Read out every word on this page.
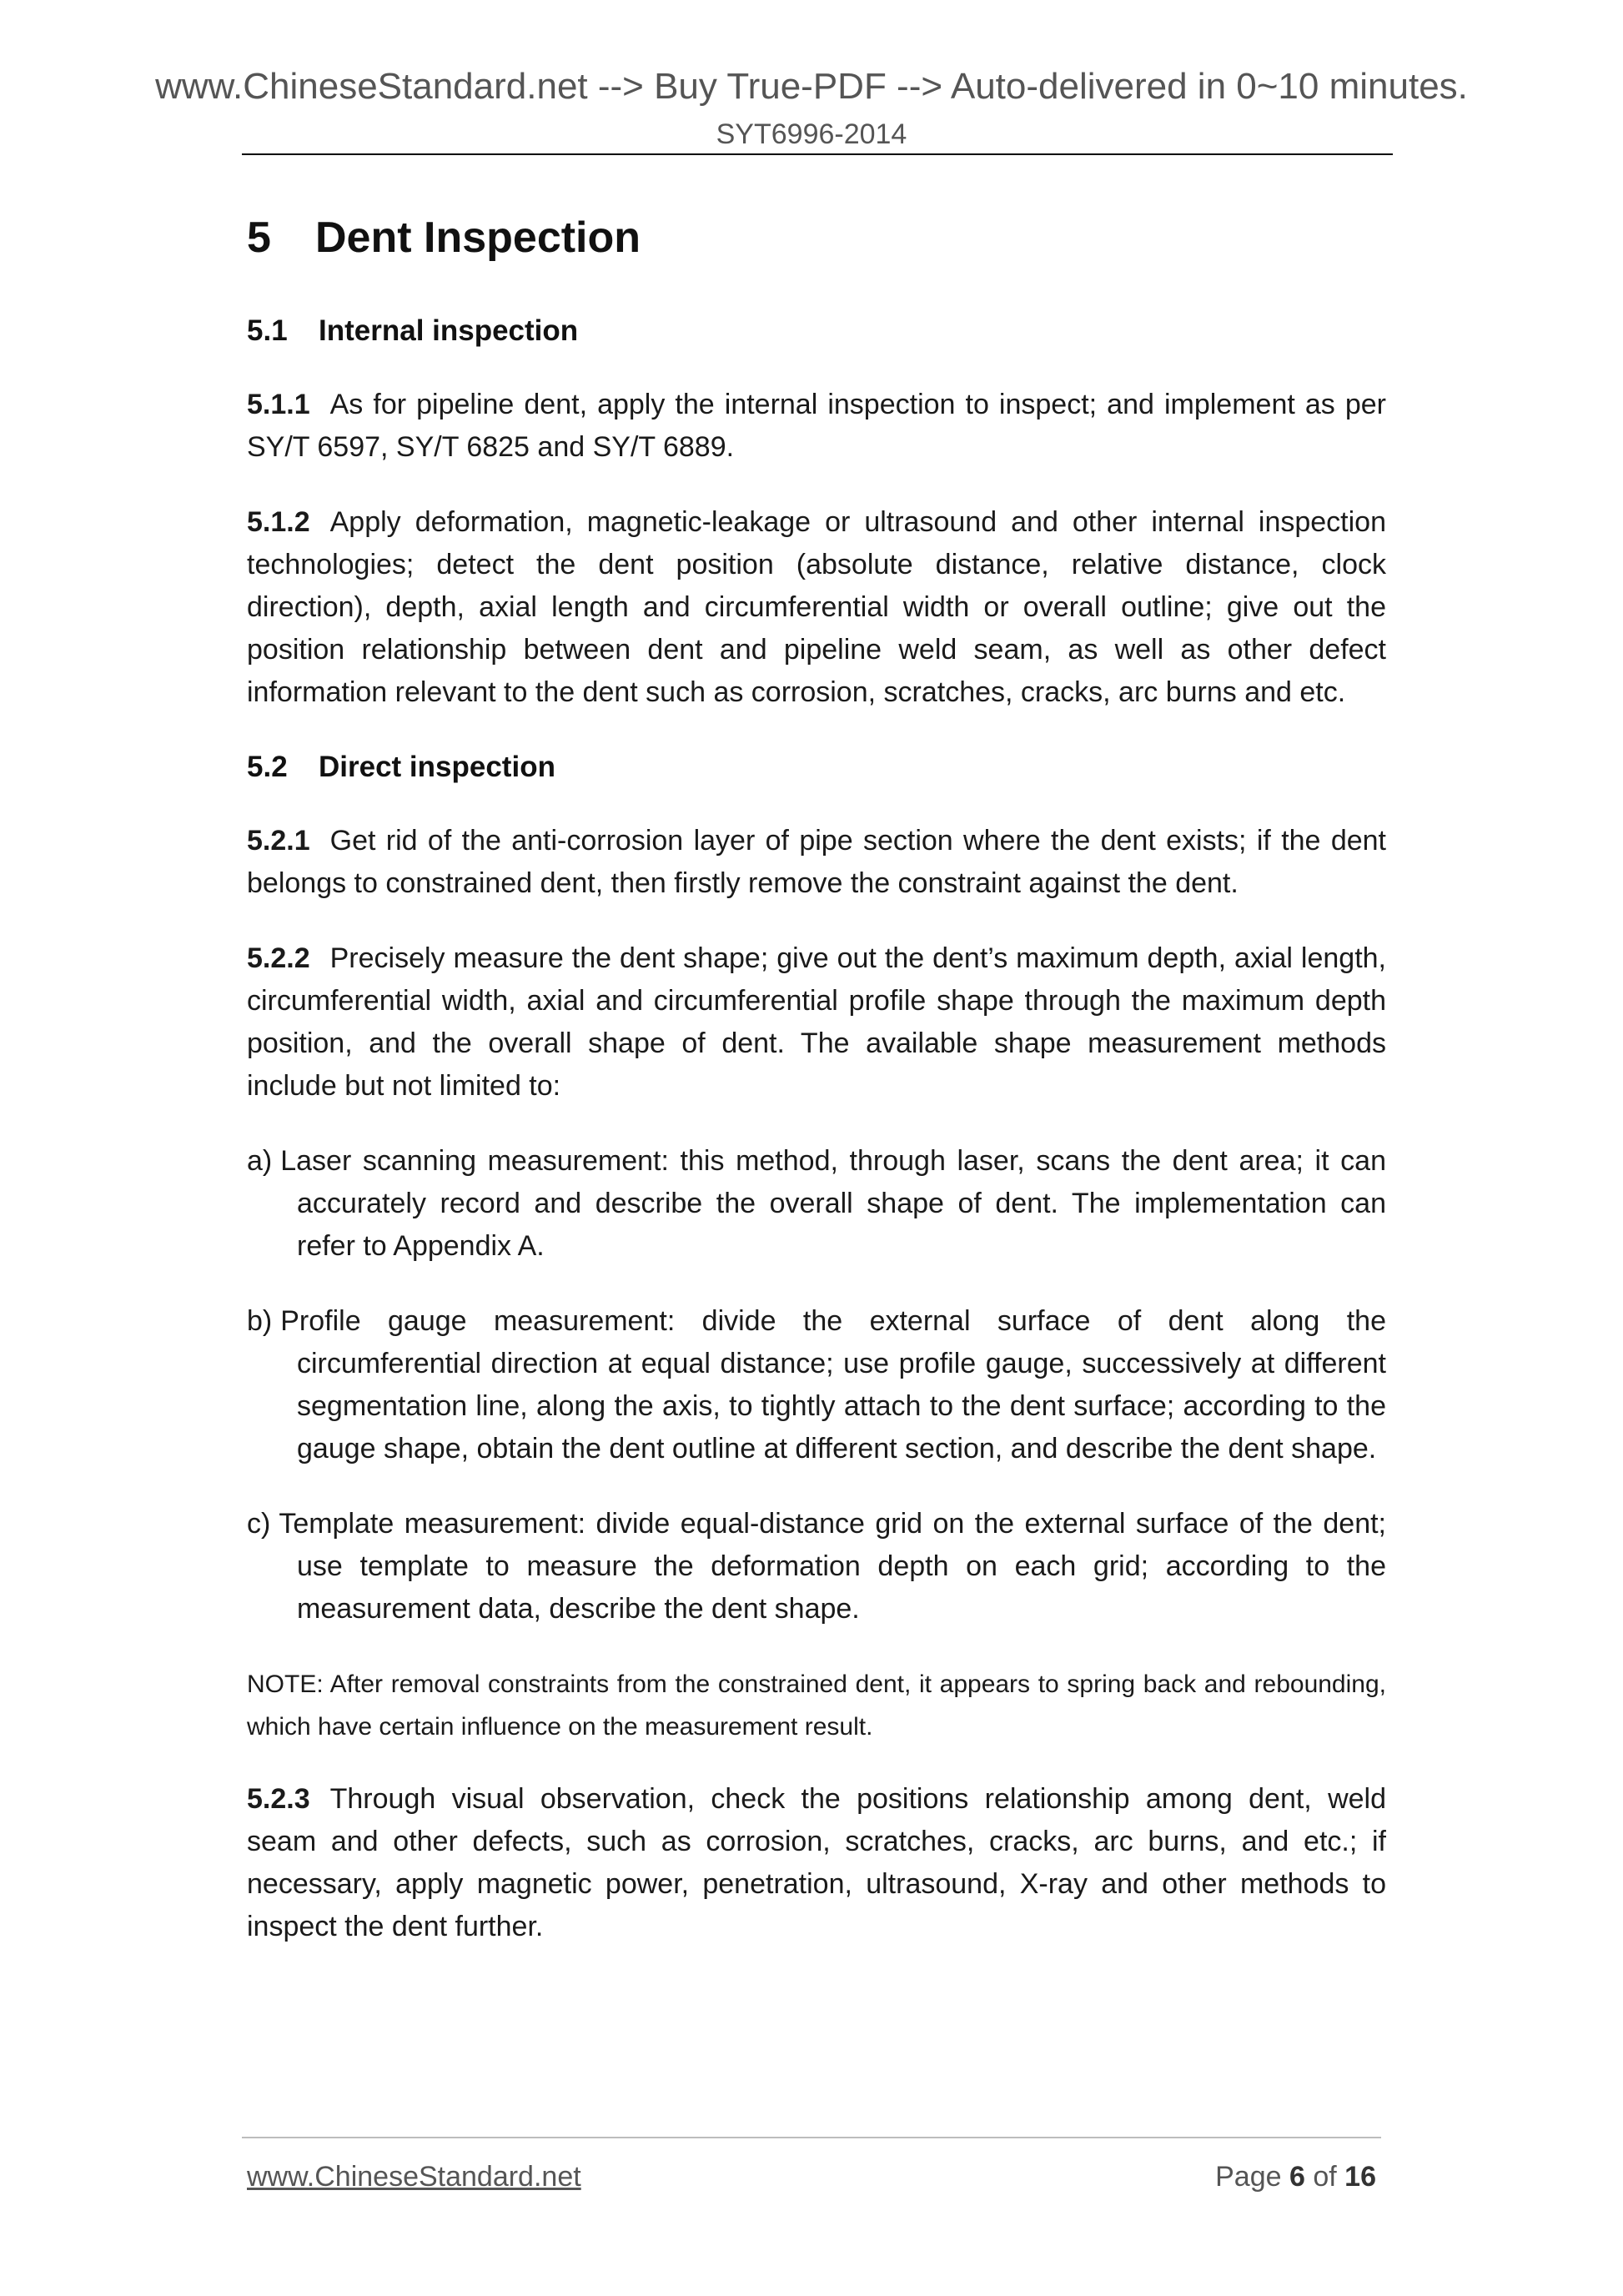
www.ChineseStandard.net --> Buy True-PDF --> Auto-delivered in 0~10 minutes.
SYT6996-2014
5 Dent Inspection
5.1 Internal inspection

5.1.1 As for pipeline dent, apply the internal inspection to inspect; and implement as per SY/T 6597, SY/T 6825 and SY/T 6889.

5.1.2 Apply deformation, magnetic-leakage or ultrasound and other internal inspection technologies; detect the dent position (absolute distance, relative distance, clock direction), depth, axial length and circumferential width or overall outline; give out the position relationship between dent and pipeline weld seam, as well as other defect information relevant to the dent such as corrosion, scratches, cracks, arc burns and etc.

5.2 Direct inspection

5.2.1 Get rid of the anti-corrosion layer of pipe section where the dent exists; if the dent belongs to constrained dent, then firstly remove the constraint against the dent.

5.2.2 Precisely measure the dent shape; give out the dent’s maximum depth, axial length, circumferential width, axial and circumferential profile shape through the maximum depth position, and the overall shape of dent. The available shape measurement methods include but not limited to:

a) Laser scanning measurement: this method, through laser, scans the dent area; it can accurately record and describe the overall shape of dent. The implementation can refer to Appendix A.
b) Profile gauge measurement: divide the external surface of dent along the circumferential direction at equal distance; use profile gauge, successively at different segmentation line, along the axis, to tightly attach to the dent surface; according to the gauge shape, obtain the dent outline at different section, and describe the dent shape.
c) Template measurement: divide equal-distance grid on the external surface of the dent; use template to measure the deformation depth on each grid; according to the measurement data, describe the dent shape.
NOTE: After removal constraints from the constrained dent, it appears to spring back and rebounding, which have certain influence on the measurement result.

5.2.3 Through visual observation, check the positions relationship among dent, weld seam and other defects, such as corrosion, scratches, cracks, arc burns, and etc.; if necessary, apply magnetic power, penetration, ultrasound, X-ray and other methods to inspect the dent further.

www.ChineseStandard.net	Page 6 of 16
